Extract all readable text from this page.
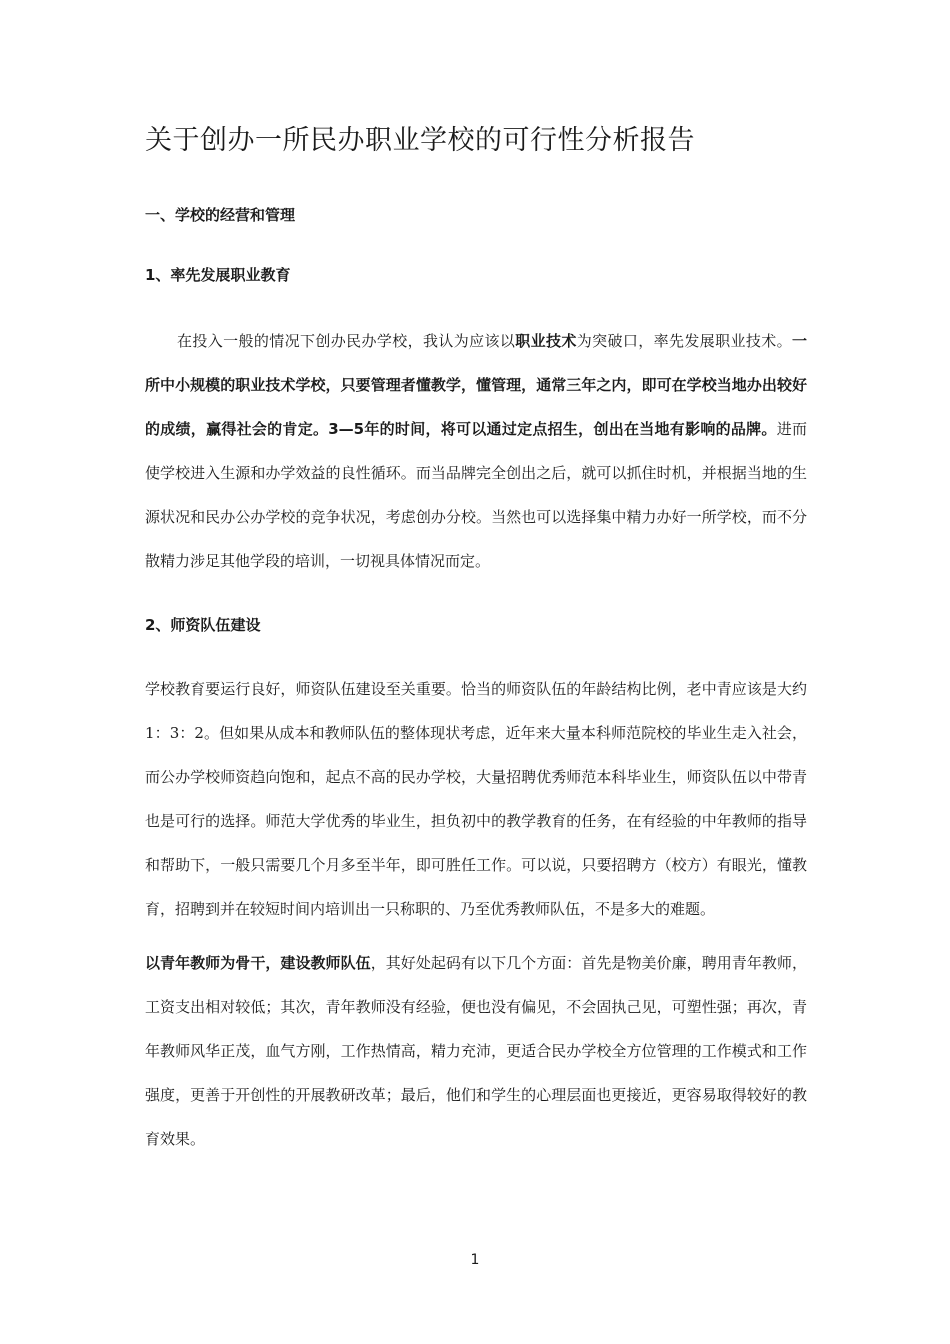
关于创办一所民办职业学校的可行性分析报告

一、学校的经营和管理

1、率先发展职业教育

在投入一般的情况下创办民办学校，我认为应该以职业技术为突破口，率先发展职业技术。一所中小规模的职业技术学校，只要管理者懂教学，懂管理，通常三年之内，即可在学校当地办出较好的成绩，赢得社会的肯定。3—5年的时间，将可以通过定点招生，创出在当地有影响的品牌。进而使学校进入生源和办学效益的良性循环。而当品牌完全创出之后，就可以抓住时机，并根据当地的生源状况和民办公办学校的竞争状况，考虑创办分校。当然也可以选择集中精力办好一所学校，而不分散精力涉足其他学段的培训，一切视具体情况而定。

2、师资队伍建设

学校教育要运行良好，师资队伍建设至关重要。恰当的师资队伍的年龄结构比例，老中青应该是大约1：3：2。但如果从成本和教师队伍的整体现状考虑，近年来大量本科师范院校的毕业生走入社会，而公办学校师资趋向饱和，起点不高的民办学校，大量招聘优秀师范本科毕业生，师资队伍以中带青也是可行的选择。师范大学优秀的毕业生，担负初中的教学教育的任务，在有经验的中年教师的指导和帮助下，一般只需要几个月多至半年，即可胜任工作。可以说，只要招聘方（校方）有眼光，懂教育，招聘到并在较短时间内培训出一只称职的、乃至优秀教师队伍，不是多大的难题。

以青年教师为骨干，建设教师队伍，其好处起码有以下几个方面：首先是物美价廉，聘用青年教师，工资支出相对较低；其次，青年教师没有经验，便也没有偏见，不会固执己见，可塑性强；再次，青年教师风华正茂，血气方刚，工作热情高，精力充沛，更适合民办学校全方位管理的工作模式和工作强度，更善于开创性的开展教研改革；最后，他们和学生的心理层面也更接近，更容易取得较好的教育效果。

1
